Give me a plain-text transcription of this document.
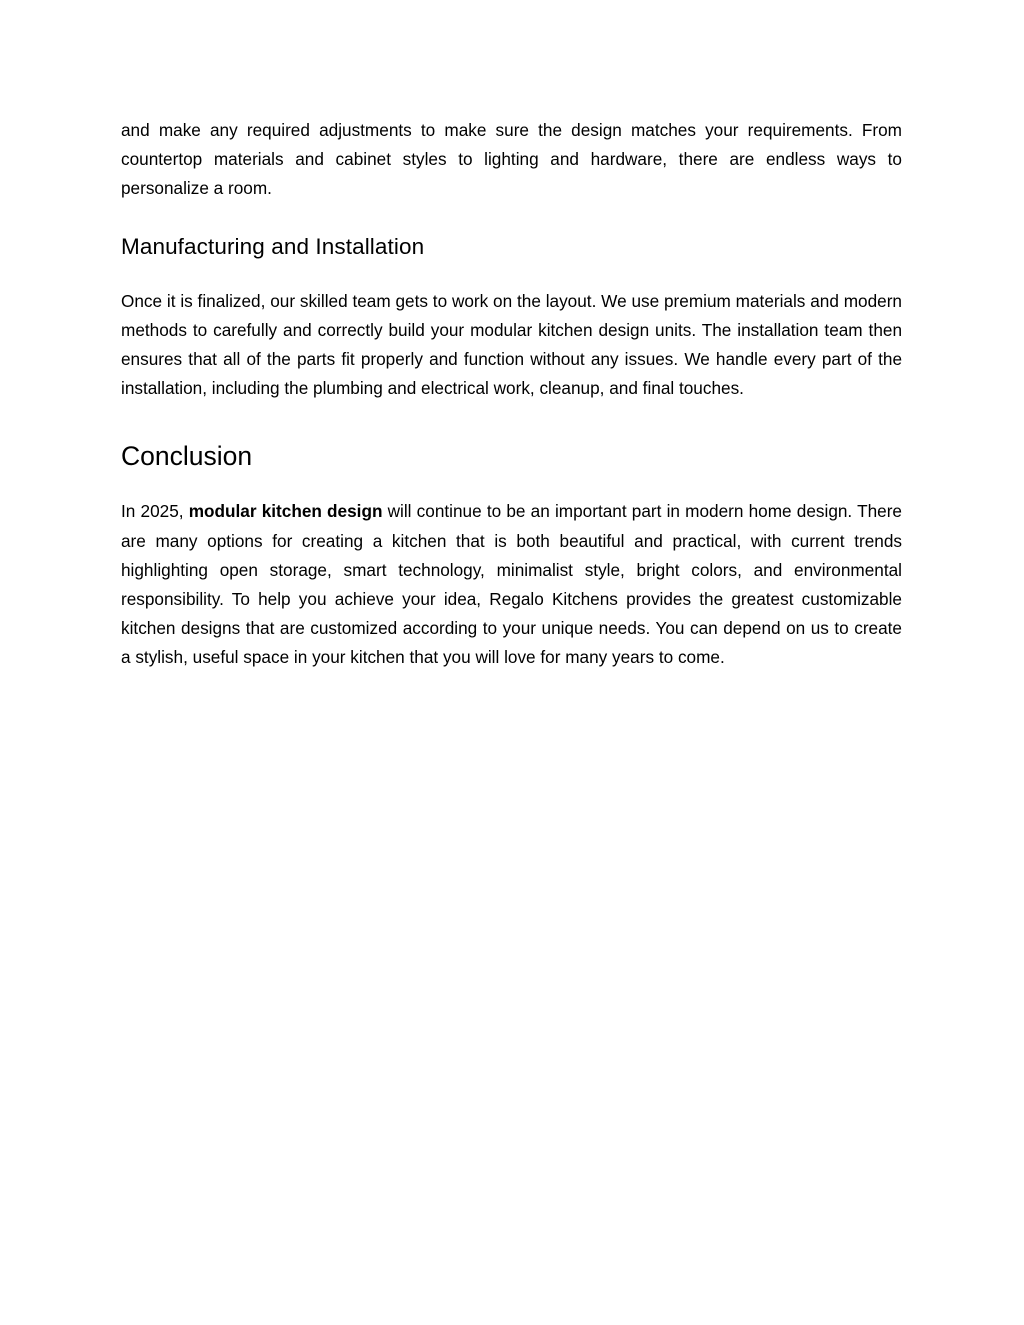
and make any required adjustments to make sure the design matches your requirements. From countertop materials and cabinet styles to lighting and hardware, there are endless ways to personalize a room.

Manufacturing and Installation

Once it is finalized, our skilled team gets to work on the layout. We use premium materials and modern methods to carefully and correctly build your modular kitchen design units. The installation team then ensures that all of the parts fit properly and function without any issues. We handle every part of the installation, including the plumbing and electrical work, cleanup, and final touches.

Conclusion

In 2025, modular kitchen design will continue to be an important part in modern home design. There are many options for creating a kitchen that is both beautiful and practical, with current trends highlighting open storage, smart technology, minimalist style, bright colors, and environmental responsibility. To help you achieve your idea, Regalo Kitchens provides the greatest customizable kitchen designs that are customized according to your unique needs. You can depend on us to create a stylish, useful space in your kitchen that you will love for many years to come.
